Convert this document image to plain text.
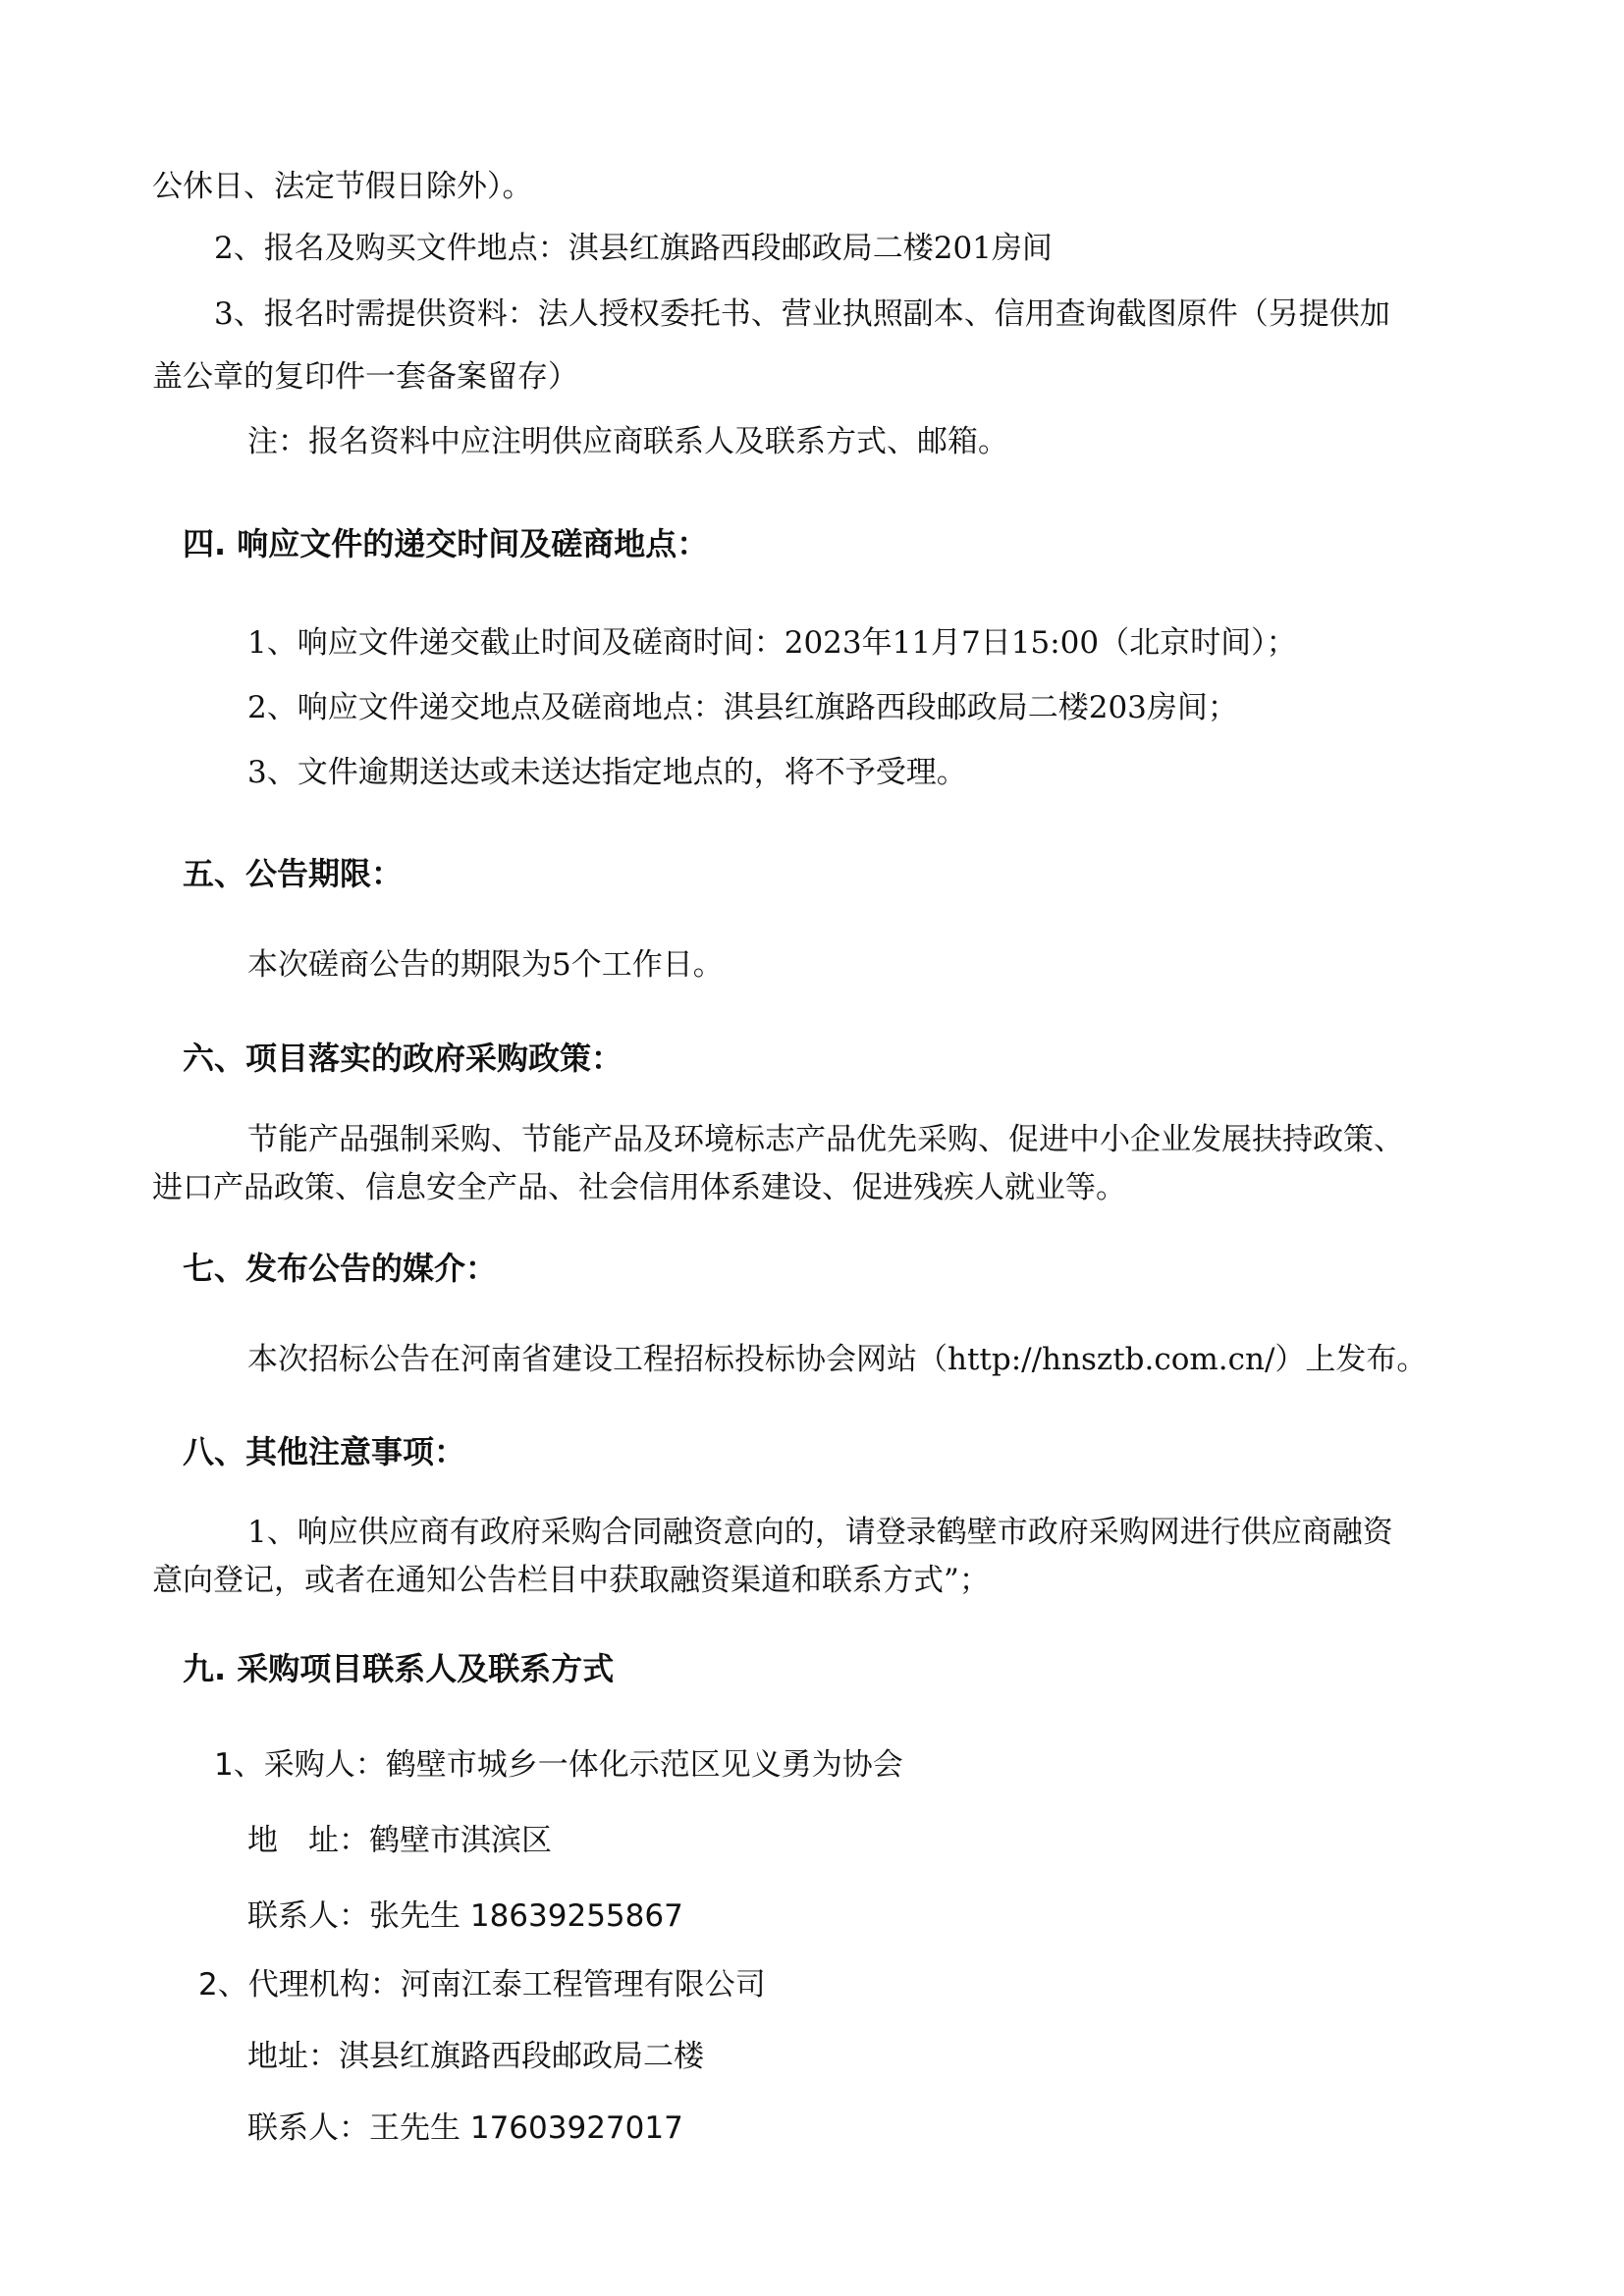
公休日、法定节假日除外）。
2、报名及购买文件地点：淇县红旗路西段邮政局二楼201房间
3、报名时需提供资料：法人授权委托书、营业执照副本、信用查询截图原件（另提供加
盖公章的复印件一套备案留存）
注：报名资料中应注明供应商联系人及联系方式、邮箱。
四. 响应文件的递交时间及磋商地点：
1、响应文件递交截止时间及磋商时间：2023年11月7日15:00（北京时间）；
2、响应文件递交地点及磋商地点：淇县红旗路西段邮政局二楼203房间；
3、文件逾期送达或未送达指定地点的，将不予受理。
五、公告期限：
本次磋商公告的期限为5个工作日。
六、项目落实的政府采购政策：
节能产品强制采购、节能产品及环境标志产品优先采购、促进中小企业发展扶持政策、
进口产品政策、信息安全产品、社会信用体系建设、促进残疾人就业等。
七、发布公告的媒介：
本次招标公告在河南省建设工程招标投标协会网站（http://hnsztb.com.cn/）上发布。
八、其他注意事项：
1、响应供应商有政府采购合同融资意向的，请登录鹤壁市政府采购网进行供应商融资
意向登记，或者在通知公告栏目中获取融资渠道和联系方式”；
九. 采购项目联系人及联系方式
1、采购人：鹤壁市城乡一体化示范区见义勇为协会
地　址：鹤壁市淇滨区
联系人：张先生 18639255867
2、代理机构：河南江泰工程管理有限公司
地址：淇县红旗路西段邮政局二楼
联系人：王先生 17603927017
